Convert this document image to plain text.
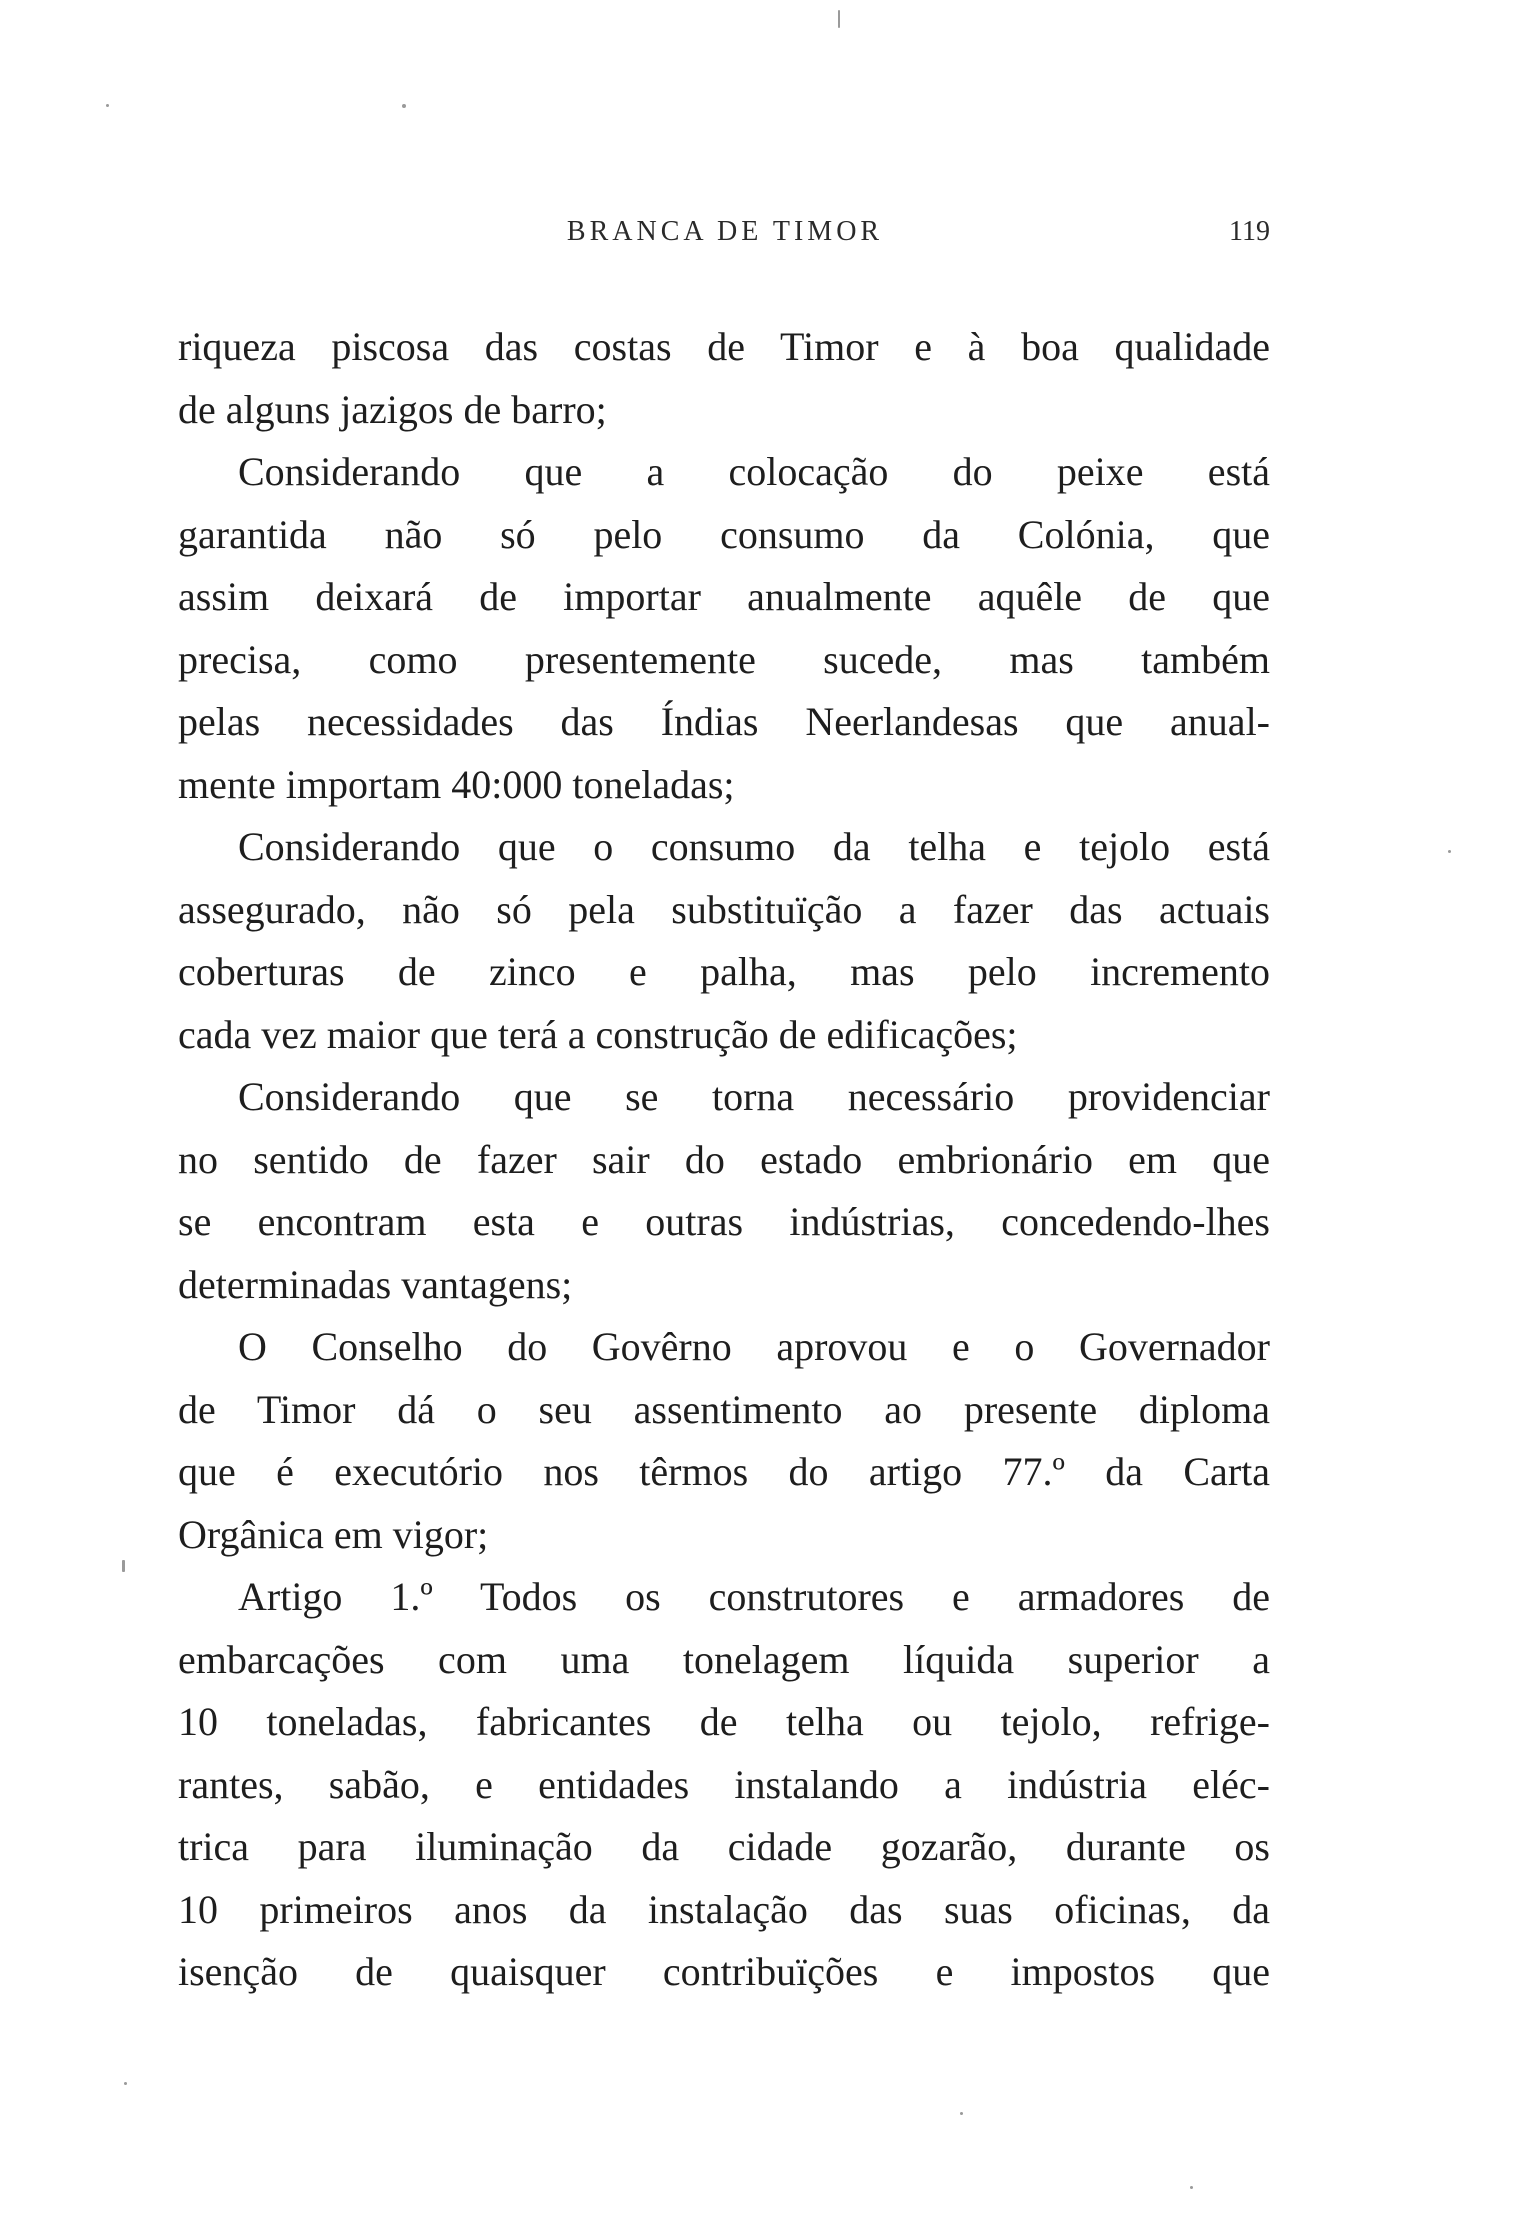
BRANCA DE TIMOR	119

riqueza piscosa das costas de Timor e à boa qualidade
de alguns jazigos de barro;

Considerando que a colocação do peixe está
garantida não só pelo consumo da Colónia, que
assim deixará de importar anualmente aquêle de que
precisa, como presentemente sucede, mas também
pelas necessidades das Índias Neerlandesas que anual-
mente importam 40:000 toneladas;

Considerando que o consumo da telha e tejolo está
assegurado, não só pela substituïção a fazer das actuais
coberturas de zinco e palha, mas pelo incremento
cada vez maior que terá a construção de edificações;

Considerando que se torna necessário providenciar
no sentido de fazer sair do estado embrionário em que
se encontram esta e outras indústrias, concedendo-lhes
determinadas vantagens;

O Conselho do Govêrno aprovou e o Governador
de Timor dá o seu assentimento ao presente diploma
que é executório nos têrmos do artigo 77.º da Carta
Orgânica em vigor;

Artigo 1.º Todos os construtores e armadores de
embarcações com uma tonelagem líquida superior a
10 toneladas, fabricantes de telha ou tejolo, refrige-
rantes, sabão, e entidades instalando a indústria eléc-
trica para iluminação da cidade gozarão, durante os
10 primeiros anos da instalação das suas oficinas, da
isenção de quaisquer contribuïções e impostos que
